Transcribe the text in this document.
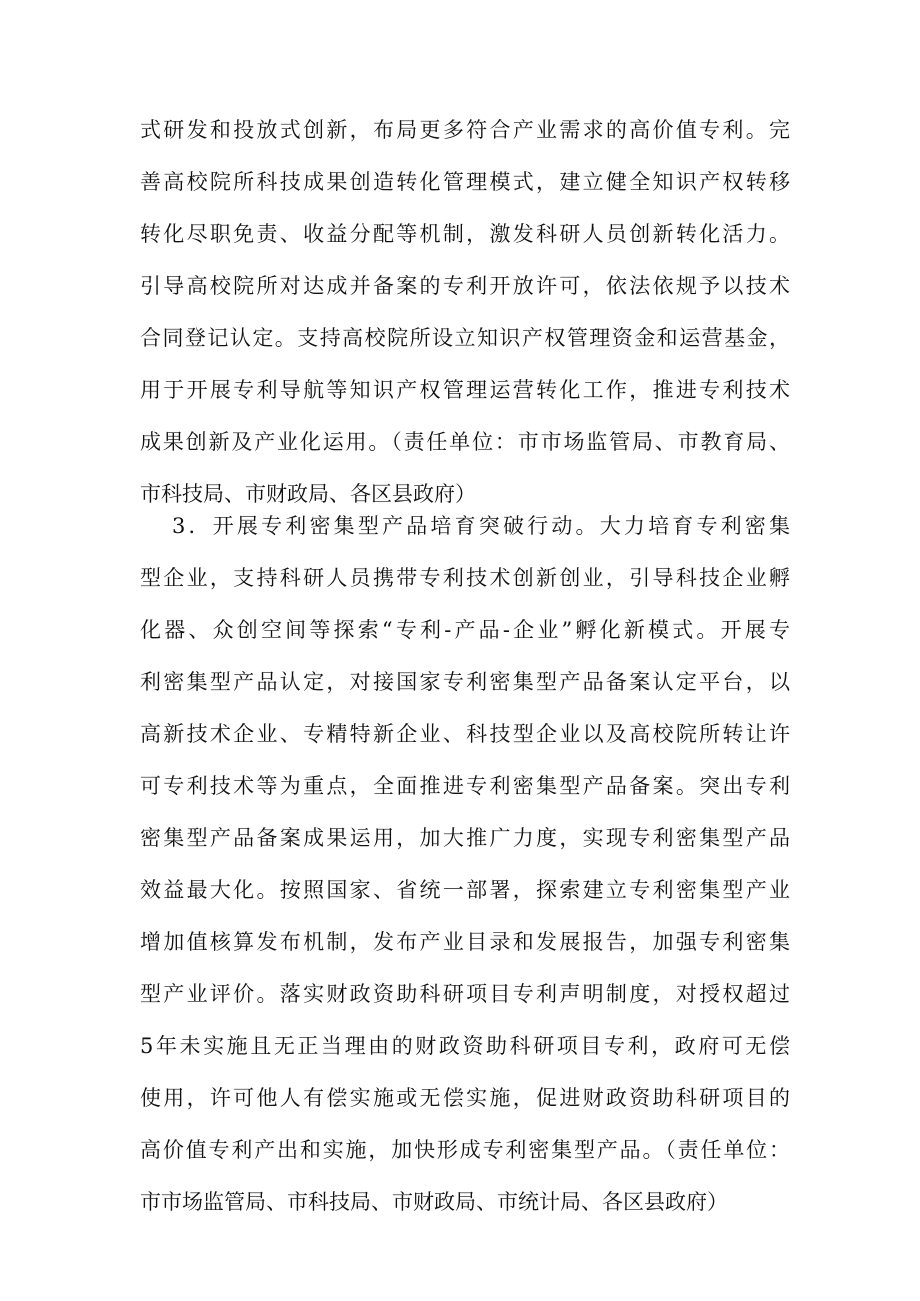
式研发和投放式创新，布局更多符合产业需求的高价值专利。完
善高校院所科技成果创造转化管理模式，建立健全知识产权转移
转化尽职免责、收益分配等机制，激发科研人员创新转化活力。
引导高校院所对达成并备案的专利开放许可，依法依规予以技术
合同登记认定。支持高校院所设立知识产权管理资金和运营基金，
用于开展专利导航等知识产权管理运营转化工作，推进专利技术
成果创新及产业化运用。（责任单位：市市场监管局、市教育局、
市科技局、市财政局、各区县政府）
3．开展专利密集型产品培育突破行动。大力培育专利密集
型企业，支持科研人员携带专利技术创新创业，引导科技企业孵
化器、众创空间等探索“专利-产品-企业”孵化新模式。开展专
利密集型产品认定，对接国家专利密集型产品备案认定平台，以
高新技术企业、专精特新企业、科技型企业以及高校院所转让许
可专利技术等为重点，全面推进专利密集型产品备案。突出专利
密集型产品备案成果运用，加大推广力度，实现专利密集型产品
效益最大化。按照国家、省统一部署，探索建立专利密集型产业
增加值核算发布机制，发布产业目录和发展报告，加强专利密集
型产业评价。落实财政资助科研项目专利声明制度，对授权超过
5年未实施且无正当理由的财政资助科研项目专利，政府可无偿
使用，许可他人有偿实施或无偿实施，促进财政资助科研项目的
高价值专利产出和实施，加快形成专利密集型产品。（责任单位：
市市场监管局、市科技局、市财政局、市统计局、各区县政府）
